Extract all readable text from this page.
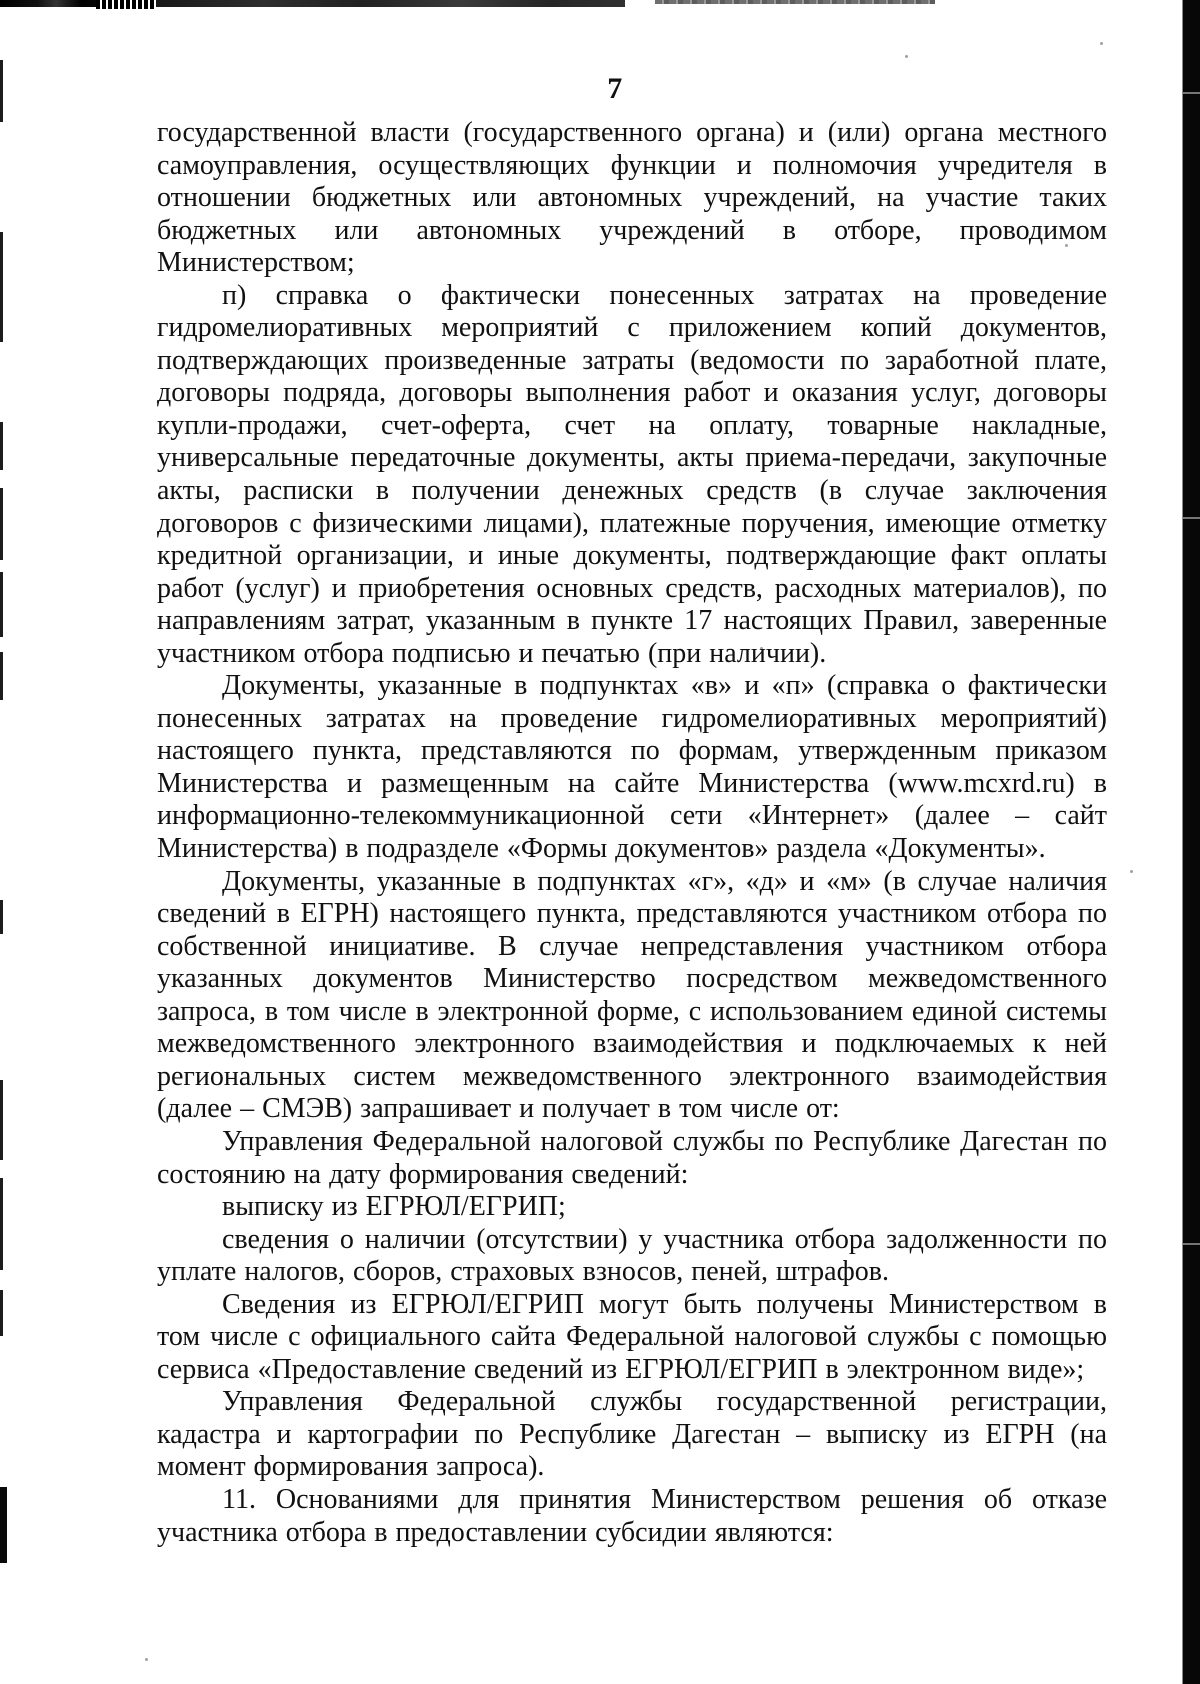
7

государственной власти (государственного органа) и (или) органа местного самоуправления, осуществляющих функции и полномочия учредителя в отношении бюджетных или автономных учреждений, на участие таких бюджетных или автономных учреждений в отборе, проводимом Министерством;

п) справка о фактически понесенных затратах на проведение гидромелиоративных мероприятий с приложением копий документов, подтверждающих произведенные затраты (ведомости по заработной плате, договоры подряда, договоры выполнения работ и оказания услуг, договоры купли-продажи, счет-оферта, счет на оплату, товарные накладные, универсальные передаточные документы, акты приема-передачи, закупочные акты, расписки в получении денежных средств (в случае заключения договоров с физическими лицами), платежные поручения, имеющие отметку кредитной организации, и иные документы, подтверждающие факт оплаты работ (услуг) и приобретения основных средств, расходных материалов), по направлениям затрат, указанным в пункте 17 настоящих Правил, заверенные участником отбора подписью и печатью (при наличии).

Документы, указанные в подпунктах «в» и «п» (справка о фактически понесенных затратах на проведение гидромелиоративных мероприятий) настоящего пункта, представляются по формам, утвержденным приказом Министерства и размещенным на сайте Министерства (www.mcxrd.ru) в информационно-телекоммуникационной сети «Интернет» (далее – сайт Министерства) в подразделе «Формы документов» раздела «Документы».

Документы, указанные в подпунктах «г», «д» и «м» (в случае наличия сведений в ЕГРН) настоящего пункта, представляются участником отбора по собственной инициативе. В случае непредставления участником отбора указанных документов Министерство посредством межведомственного запроса, в том числе в электронной форме, с использованием единой системы межведомственного электронного взаимодействия и подключаемых к ней региональных систем межведомственного электронного взаимодействия (далее – СМЭВ) запрашивает и получает в том числе от:

Управления Федеральной налоговой службы по Республике Дагестан по состоянию на дату формирования сведений:

выписку из ЕГРЮЛ/ЕГРИП;

сведения о наличии (отсутствии) у участника отбора задолженности по уплате налогов, сборов, страховых взносов, пеней, штрафов.

Сведения из ЕГРЮЛ/ЕГРИП могут быть получены Министерством в том числе с официального сайта Федеральной налоговой службы с помощью сервиса «Предоставление сведений из ЕГРЮЛ/ЕГРИП в электронном виде»;

Управления Федеральной службы государственной регистрации, кадастра и картографии по Республике Дагестан – выписку из ЕГРН (на момент формирования запроса).

11. Основаниями для принятия Министерством решения об отказе участника отбора в предоставлении субсидии являются:
